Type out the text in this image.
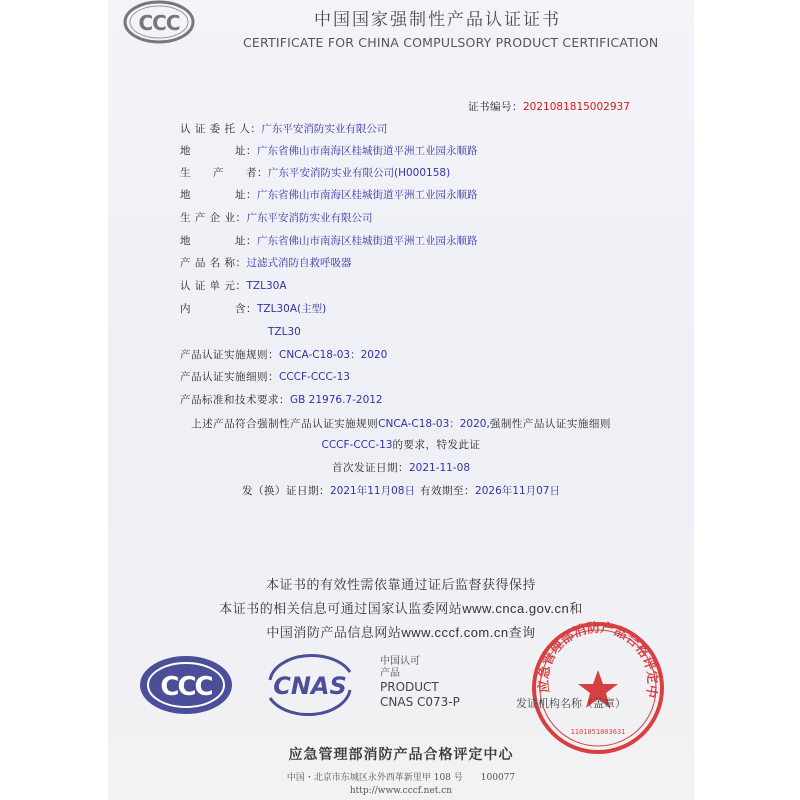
CCC	中国国家强制性产品认证证书
CERTIFICATE FOR CHINA COMPULSORY PRODUCT CERTIFICATION
证书编号：2021081815002937
认 证 委 托 人：广东平安消防实业有限公司
地　　　　址：广东省佛山市南海区桂城街道平洲工业园永顺路
生　　产　　者：广东平安消防实业有限公司(H000158)
地　　　　址：广东省佛山市南海区桂城街道平洲工业园永顺路
生 产 企 业：广东平安消防实业有限公司
地　　　　址：广东省佛山市南海区桂城街道平洲工业园永顺路
产 品 名 称：过滤式消防自救呼吸器
认 证 单 元：TZL30A
内　　　　含：TZL30A(主型)
TZL30
产品认证实施规则：CNCA-C18-03：2020
产品认证实施细则：CCCF-CCC-13
产品标准和技术要求：GB 21976.7-2012
上述产品符合强制性产品认证实施规则CNCA-C18-03：2020,强制性产品认证实施细则
CCCF-CCC-13的要求，特发此证
首次发证日期：2021-11-08
发（换）证日期：2021年11月08日 有效期至：2026年11月07日
本证书的有效性需依靠通过证后监督获得保持
本证书的相关信息可通过国家认监委网站www.cnca.gov.cn和
中国消防产品信息网站www.cccf.com.cn查询
CCC	CNAS
中国认可
产品
PRODUCT
CNAS C073-P
应急管理部消防产品合格评定中
1101051803631
发证机构名称（盖章）
应急管理部消防产品合格评定中心
中国・北京市东城区永外西革新里甲 108 号　　100077
http://www.cccf.net.cn
